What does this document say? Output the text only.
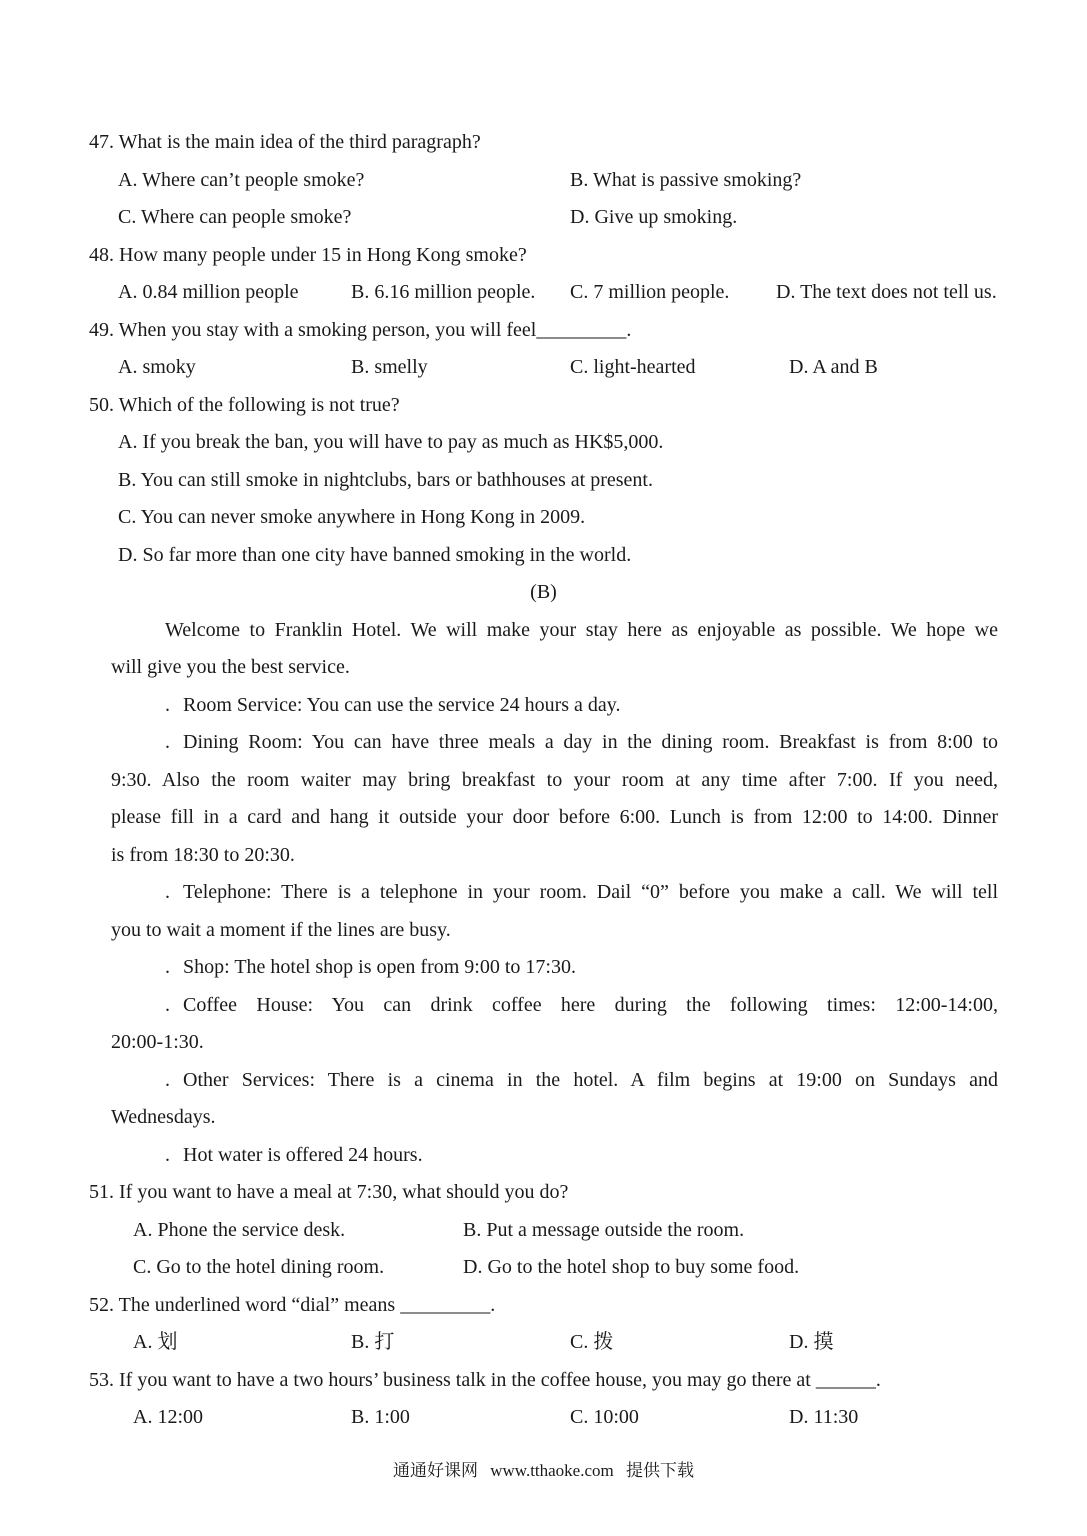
47. What is the main idea of the third paragraph?
A. Where can’t people smoke?	B. What is passive smoking?
C. Where can people smoke?	D. Give up smoking.
48. How many people under 15 in Hong Kong smoke?
A. 0.84 million people	B. 6.16 million people. C. 7 million people. D. The text does not tell us.
49. When you stay with a smoking person, you will feel_________.
A. smoky	B. smelly	C. light-hearted	D. A and B
50. Which of the following is not true?
A. If you break the ban, you will have to pay as much as HK$5,000.
B. You can still smoke in nightclubs, bars or bathhouses at present.
C. You can never smoke anywhere in Hong Kong in 2009.
D. So far more than one city have banned smoking in the world.
(B)
Welcome to Franklin Hotel. We will make your stay here as enjoyable as possible. We hope we
will give you the best service.
. Room Service: You can use the service 24 hours a day.
. Dining Room: You can have three meals a day in the dining room. Breakfast is from 8:00 to
9:30. Also the room waiter may bring breakfast to your room at any time after 7:00. If you need,
please fill in a card and hang it outside your door before 6:00. Lunch is from 12:00 to 14:00. Dinner
is from 18:30 to 20:30.
. Telephone: There is a telephone in your room. Dail “0” before you make a call. We will tell
you to wait a moment if the lines are busy.
. Shop: The hotel shop is open from 9:00 to 17:30.
. Coffee House: You can drink coffee here during the following times: 12:00-14:00,
20:00-1:30.
. Other Services: There is a cinema in the hotel. A film begins at 19:00 on Sundays and
Wednesdays.
. Hot water is offered 24 hours.
51. If you want to have a meal at 7:30, what should you do?
A. Phone the service desk.	B. Put a message outside the room.
C. Go to the hotel dining room.	D. Go to the hotel shop to buy some food.
52. The underlined word “dial” means _________.
A. 划	B. 打	C. 拨	D. 摸
53. If you want to have a two hours’ business talk in the coffee house, you may go there at ______.
A. 12:00	B. 1:00	C. 10:00	D. 11:30
通通好课网 www.tthaoke.com 提供下载
